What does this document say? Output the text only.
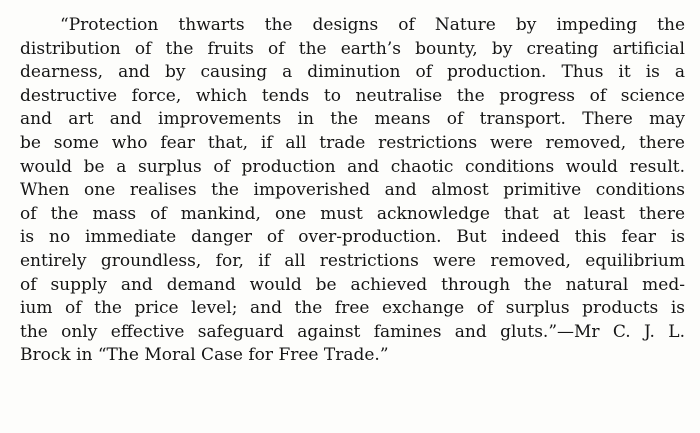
“Protection thwarts the designs of Nature by impeding the
distribution of the fruits of the earth’s bounty, by creating artificial
dearness, and by causing a diminution of production. Thus it is a
destructive force, which tends to neutralise the progress of science
and art and improvements in the means of transport. There may
be some who fear that, if all trade restrictions were removed, there
would be a surplus of production and chaotic conditions would result.
When one realises the impoverished and almost primitive conditions
of the mass of mankind, one must acknowledge that at least there
is no immediate danger of over-production. But indeed this fear is
entirely groundless, for, if all restrictions were removed, equilibrium
of supply and demand would be achieved through the natural med-
ium of the price level; and the free exchange of surplus products is
the only effective safeguard against famines and gluts.”—Mr C. J. L.
Brock in “The Moral Case for Free Trade.”
